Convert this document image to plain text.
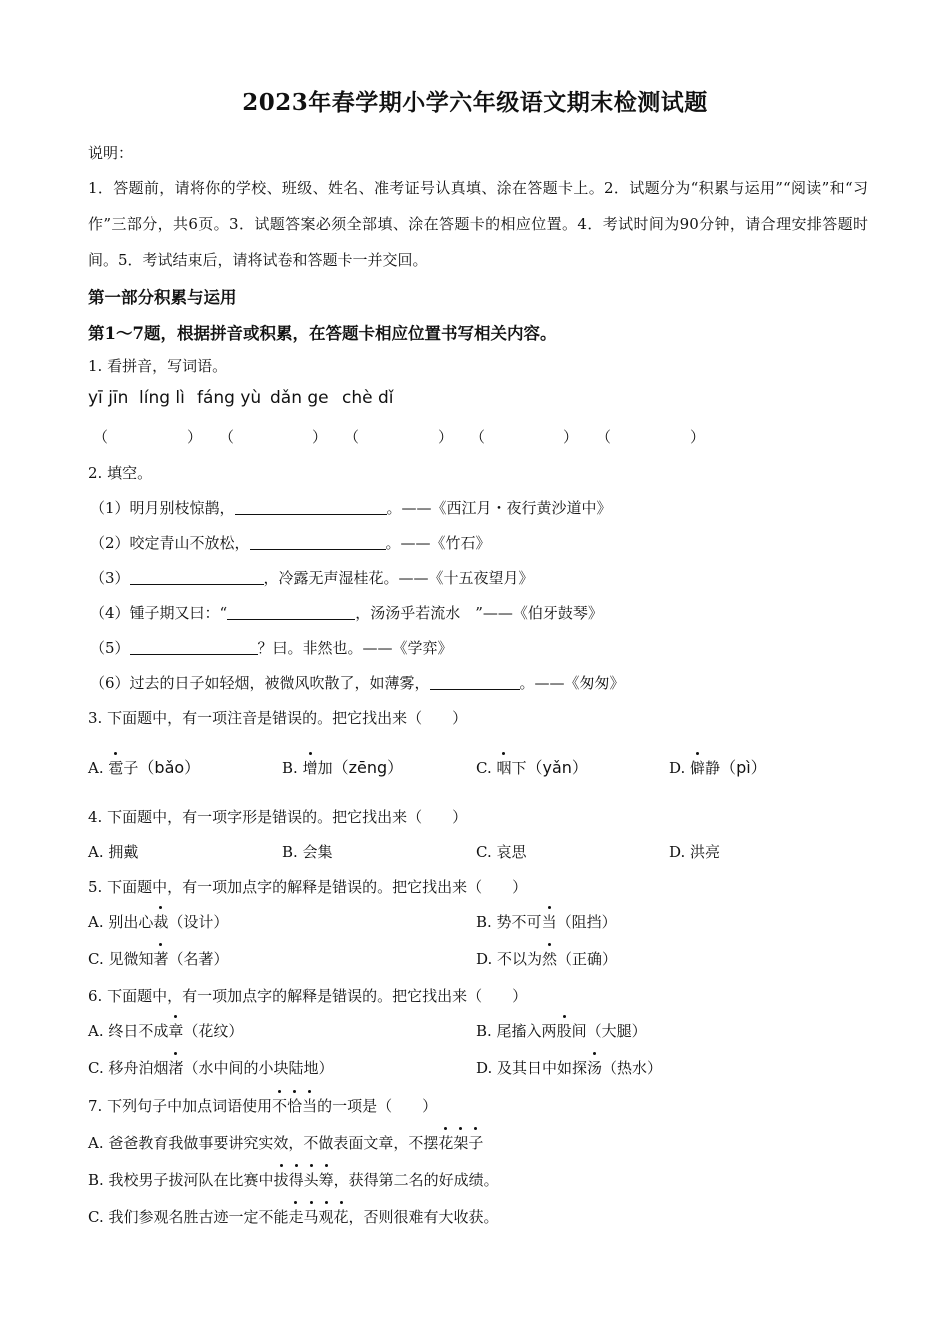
2023年春学期小学六年级语文期末检测试题
说明：
1．答题前，请将你的学校、班级、姓名、准考证号认真填、涂在答题卡上。2．试题分为“积累与运用”“阅读”和“习作”三部分，共6页。3．试题答案必须全部填、涂在答题卡的相应位置。4．考试时间为90分钟，请合理安排答题时间。5．考试结束后，请将试卷和答题卡一并交回。
第一部分积累与运用
第1～7题，根据拼音或积累，在答题卡相应位置书写相关内容。
1. 看拼音，写词语。
yī jīn líng lì fáng yù dǎn ge chè dǐ
（	） （	） （	） （	） （	）
2. 填空。
（1）明月别枝惊鹊，	。——《西江月・夜行黄沙道中》
（2）咬定青山不放松，	。——《竹石》
（3）	，冷露无声湿桂花。——《十五夜望月》
（4）锺子期又曰：“	，汤汤乎若流水　”——《伯牙鼓琴》
（5）	？曰。非然也。——《学弈》
（6）过去的日子如轻烟，被微风吹散了，如薄雾，	。——《匆匆》
3. 下面题中，有一项注音是错误的。把它找出来（　　）
A. 雹子（bǎo）	B. 增加（zēng）	C. 咽下（yǎn）	D. 僻静（pì）
4. 下面题中，有一项字形是错误的。把它找出来（　　）
A. 拥戴	B. 会集	C. 哀思	D. 洪亮
5. 下面题中，有一项加点字的解释是错误的。把它找出来（　　）
A. 别出心裁（设计）	B. 势不可当（阻挡）
C. 见微知著（名著）	D. 不以为然（正确）
6. 下面题中，有一项加点字的解释是错误的。把它找出来（　　）
A. 终日不成章（花纹）	B. 尾搐入两股间（大腿）
C. 移舟泊烟渚（水中间的小块陆地）	D. 及其日中如探汤（热水）
7. 下列句子中加点词语使用不恰当的一项是（　　）
A. 爸爸教育我做事要讲究实效，不做表面文章，不摆花架子
B. 我校男子拔河队在比赛中拔得头筹，获得第二名的好成绩。
C. 我们参观名胜古迹一定不能走马观花，否则很难有大收获。
